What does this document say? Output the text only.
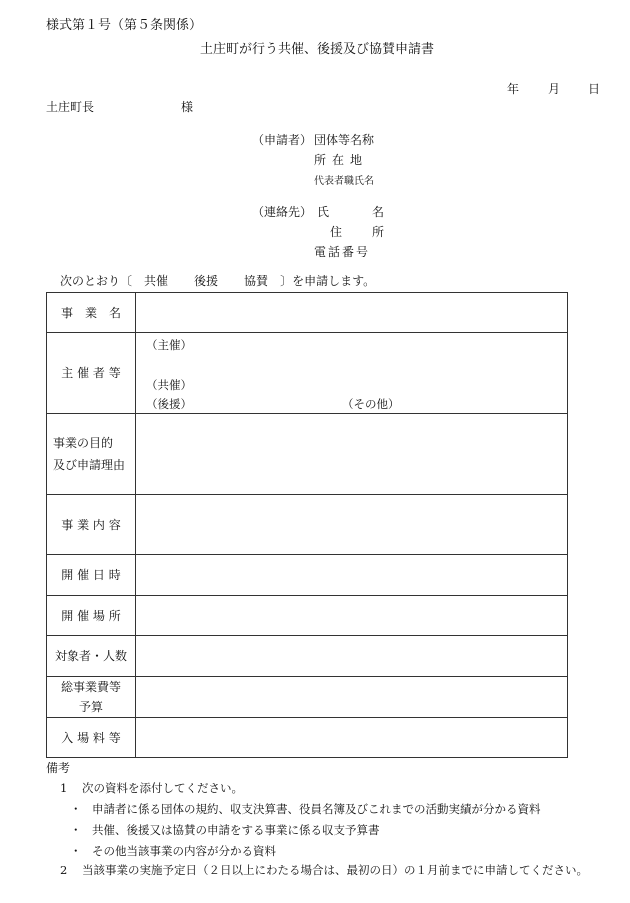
様式第１号（第５条関係）
土庄町が行う共催、後援及び協賛申請書
年 月 日
土庄町長	様
（申請者） 団体等名称
所在地
代表者職氏名
（連絡先） 氏	名
住 所
電話番号
次のとおり〔 共催 後援 協賛 〕を申請します。
事　業　名	
主 催 者 等	（主催）
（共催）
（後援） （その他）

事業の目的
及び申請理由	

事 業 内 容	
開 催 日 時	
開 催 場 所	
対象者・人数	

総事業費等
予算	

入 場 料 等	
備考
1 次の資料を添付してください。
・ 申請者に係る団体の規約、収支決算書、役員名簿及びこれまでの活動実績が分かる資料
・ 共催、後援又は協賛の申請をする事業に係る収支予算書
・ その他当該事業の内容が分かる資料
2 当該事業の実施予定日（２日以上にわたる場合は、最初の日）の１月前までに申請してください。
